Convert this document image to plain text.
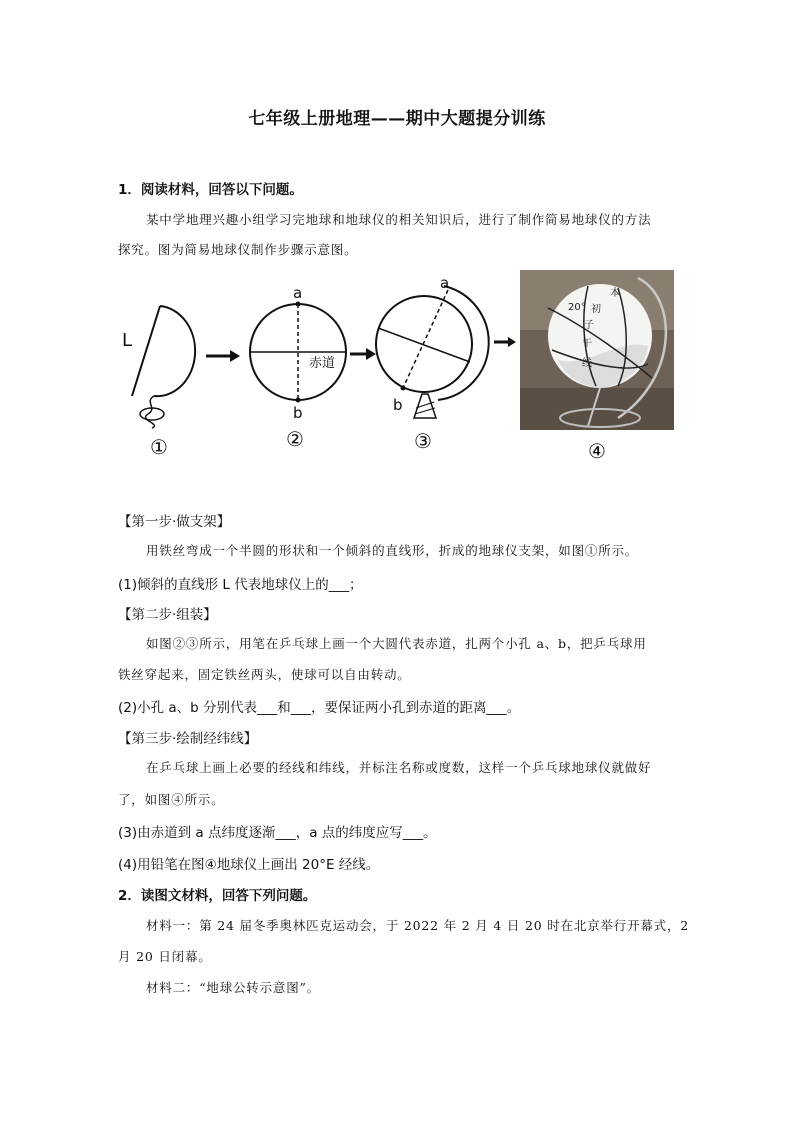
七年级上册地理——期中大题提分训练
1．阅读材料，回答以下问题。
某中学地理兴趣小组学习完地球和地球仪的相关知识后，进行了制作简易地球仪的方法
探究。图为简易地球仪制作步骤示意图。
L
①
a
b
赤道
②
a
b
③
本
初
子
午
线
20°
④
【第一步·做支架】
用铁丝弯成一个半圆的形状和一个倾斜的直线形，折成的地球仪支架，如图①所示。
(1)倾斜的直线形 L 代表地球仪上的___；
【第二步·组装】
如图②③所示，用笔在乒乓球上画一个大圆代表赤道，扎两个小孔 a、b，把乒乓球用
铁丝穿起来，固定铁丝两头，使球可以自由转动。
(2)小孔 a、b 分别代表___和___，要保证两小孔到赤道的距离___。
【第三步·绘制经纬线】
在乒乓球上画上必要的经线和纬线，并标注名称或度数，这样一个乒乓球地球仪就做好
了，如图④所示。
(3)由赤道到 a 点纬度逐渐___，a 点的纬度应写___。
(4)用铅笔在图④地球仪上画出 20°E 经线。
2．读图文材料，回答下列问题。
材料一：第 24 届冬季奥林匹克运动会，于 2022 年 2 月 4 日 20 时在北京举行开幕式，2
月 20 日闭幕。
材料二：“地球公转示意图”。
